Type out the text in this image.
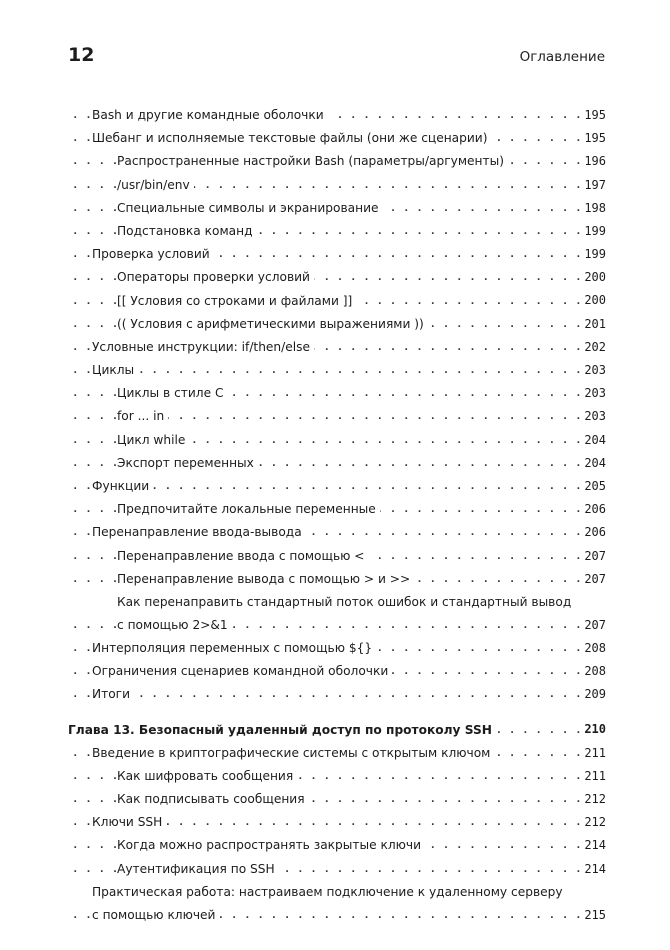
12	Оглавление
. . .
Bash и другие командные оболочки	195
. . .
Шебанг и исполняемые текстовые файлы (они же сценарии)	195
. . .
Распространенные настройки Bash (параметры/аргументы)	196
. . .
/usr/bin/env	197
. . .
Специальные символы и экранирование	198
. . .
Подстановка команд	199
. . .
Проверка условий	199
. . .
Операторы проверки условий	200
. . .
[[ Условия со строками и файлами ]]	200
. . .
(( Условия с арифметическими выражениями ))	201
. . .
Условные инструкции: if/then/else	202
. . .
Циклы	203
. . .
Циклы в стиле C	203
. . .
for ... in	203
. . .
Цикл while	204
. . .
Экспорт переменных	204
. . .
Функции	205
. . .
Предпочитайте локальные переменные	206
. . .
Перенаправление ввода-вывода	206
. . .
Перенаправление ввода с помощью <	207
. . .
Перенаправление вывода с помощью > и >>	207
. . .
Как перенаправить стандартный поток ошибок и стандартный вывод
с помощью 2>&1	207
. . .
Интерполяция переменных с помощью ${}	208
. . .
Ограничения сценариев командной оболочки	208
. . .
Итоги	209
. . .
Глава 13. Безопасный удаленный доступ по протоколу SSH	210
. . .
Введение в криптографические системы с открытым ключом	211
. . .
Как шифровать сообщения	211
. . .
Как подписывать сообщения	212
. . .
Ключи SSH	212
. . .
Когда можно распространять закрытые ключи	214
. . .
Аутентификация по SSH	214
. . .
Практическая работа: настраиваем подключение к удаленному серверу
с помощью ключей	215
